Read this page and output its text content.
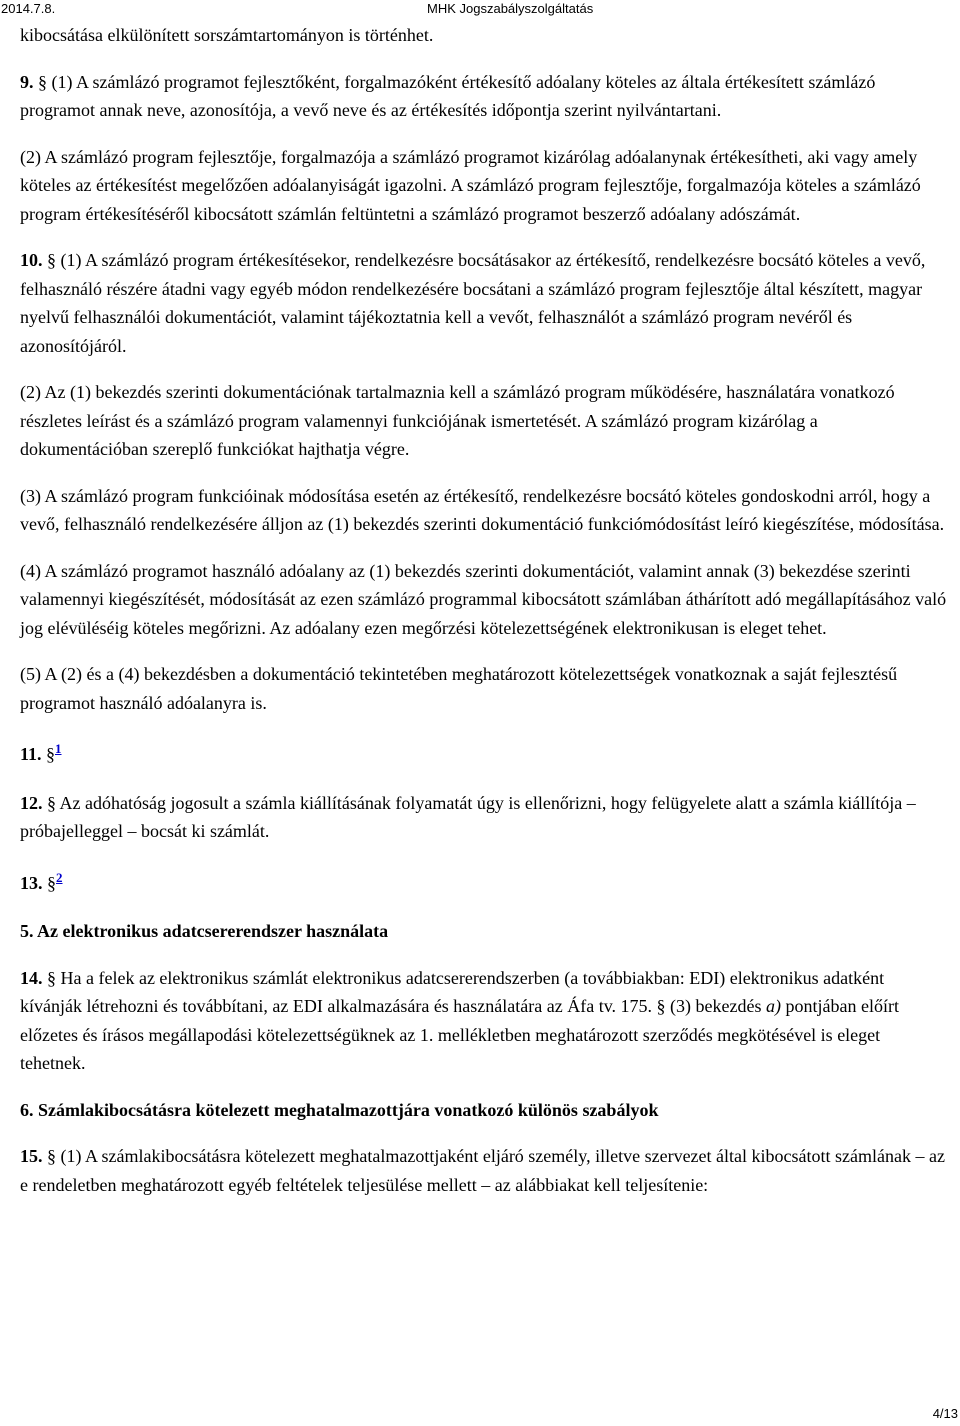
2014.7.8.	MHK Jogszabályszolgáltatás

kibocsátása elkülönített sorszámtartományon is történhet.

9. § (1) A számlázó programot fejlesztőként, forgalmazóként értékesítő adóalany köteles az általa értékesített számlázó programot annak neve, azonosítója, a vevő neve és az értékesítés időpontja szerint nyilvántartani.

(2) A számlázó program fejlesztője, forgalmazója a számlázó programot kizárólag adóalanynak értékesítheti, aki vagy amely köteles az értékesítést megelőzően adóalanyiságát igazolni. A számlázó program fejlesztője, forgalmazója köteles a számlázó program értékesítéséről kibocsátott számlán feltüntetni a számlázó programot beszerző adóalany adószámát.

10. § (1) A számlázó program értékesítésekor, rendelkezésre bocsátásakor az értékesítő, rendelkezésre bocsátó köteles a vevő, felhasználó részére átadni vagy egyéb módon rendelkezésére bocsátani a számlázó program fejlesztője által készített, magyar nyelvű felhasználói dokumentációt, valamint tájékoztatnia kell a vevőt, felhasználót a számlázó program nevéről és azonosítójáról.

(2) Az (1) bekezdés szerinti dokumentációnak tartalmaznia kell a számlázó program működésére, használatára vonatkozó részletes leírást és a számlázó program valamennyi funkciójának ismertetését. A számlázó program kizárólag a dokumentációban szereplő funkciókat hajthatja végre.

(3) A számlázó program funkcióinak módosítása esetén az értékesítő, rendelkezésre bocsátó köteles gondoskodni arról, hogy a vevő, felhasználó rendelkezésére álljon az (1) bekezdés szerinti dokumentáció funkciómódosítást leíró kiegészítése, módosítása.

(4) A számlázó programot használó adóalany az (1) bekezdés szerinti dokumentációt, valamint annak (3) bekezdése szerinti valamennyi kiegészítését, módosítását az ezen számlázó programmal kibocsátott számlában áthárított adó megállapításához való jog elévüléséig köteles megőrizni. Az adóalany ezen megőrzési kötelezettségének elektronikusan is eleget tehet.

(5) A (2) és a (4) bekezdésben a dokumentáció tekintetében meghatározott kötelezettségek vonatkoznak a saját fejlesztésű programot használó adóalanyra is.

11. §$^1$

12. § Az adóhatóság jogosult a számla kiállításának folyamatát úgy is ellenőrizni, hogy felügyelete alatt a számla kiállítója – próbajelleggel – bocsát ki számlát.

13. §$^2$

5. Az elektronikus adatcsererendszer használata

14. § Ha a felek az elektronikus számlát elektronikus adatcsererendszerben (a továbbiakban: EDI) elektronikus adatként kívánják létrehozni és továbbítani, az EDI alkalmazására és használatára az Áfa tv. 175. § (3) bekezdés a) pontjában előírt előzetes és írásos megállapodási kötelezettségüknek az 1. mellékletben meghatározott szerződés megkötésével is eleget tehetnek.

6. Számlakibocsátásra kötelezett meghatalmazottjára vonatkozó különös szabályok

15. § (1) A számlakibocsátásra kötelezett meghatalmazottjaként eljáró személy, illetve szervezet által kibocsátott számlának – az e rendeletben meghatározott egyéb feltételek teljesülése mellett – az alábbiakat kell teljesítenie:

4/13
